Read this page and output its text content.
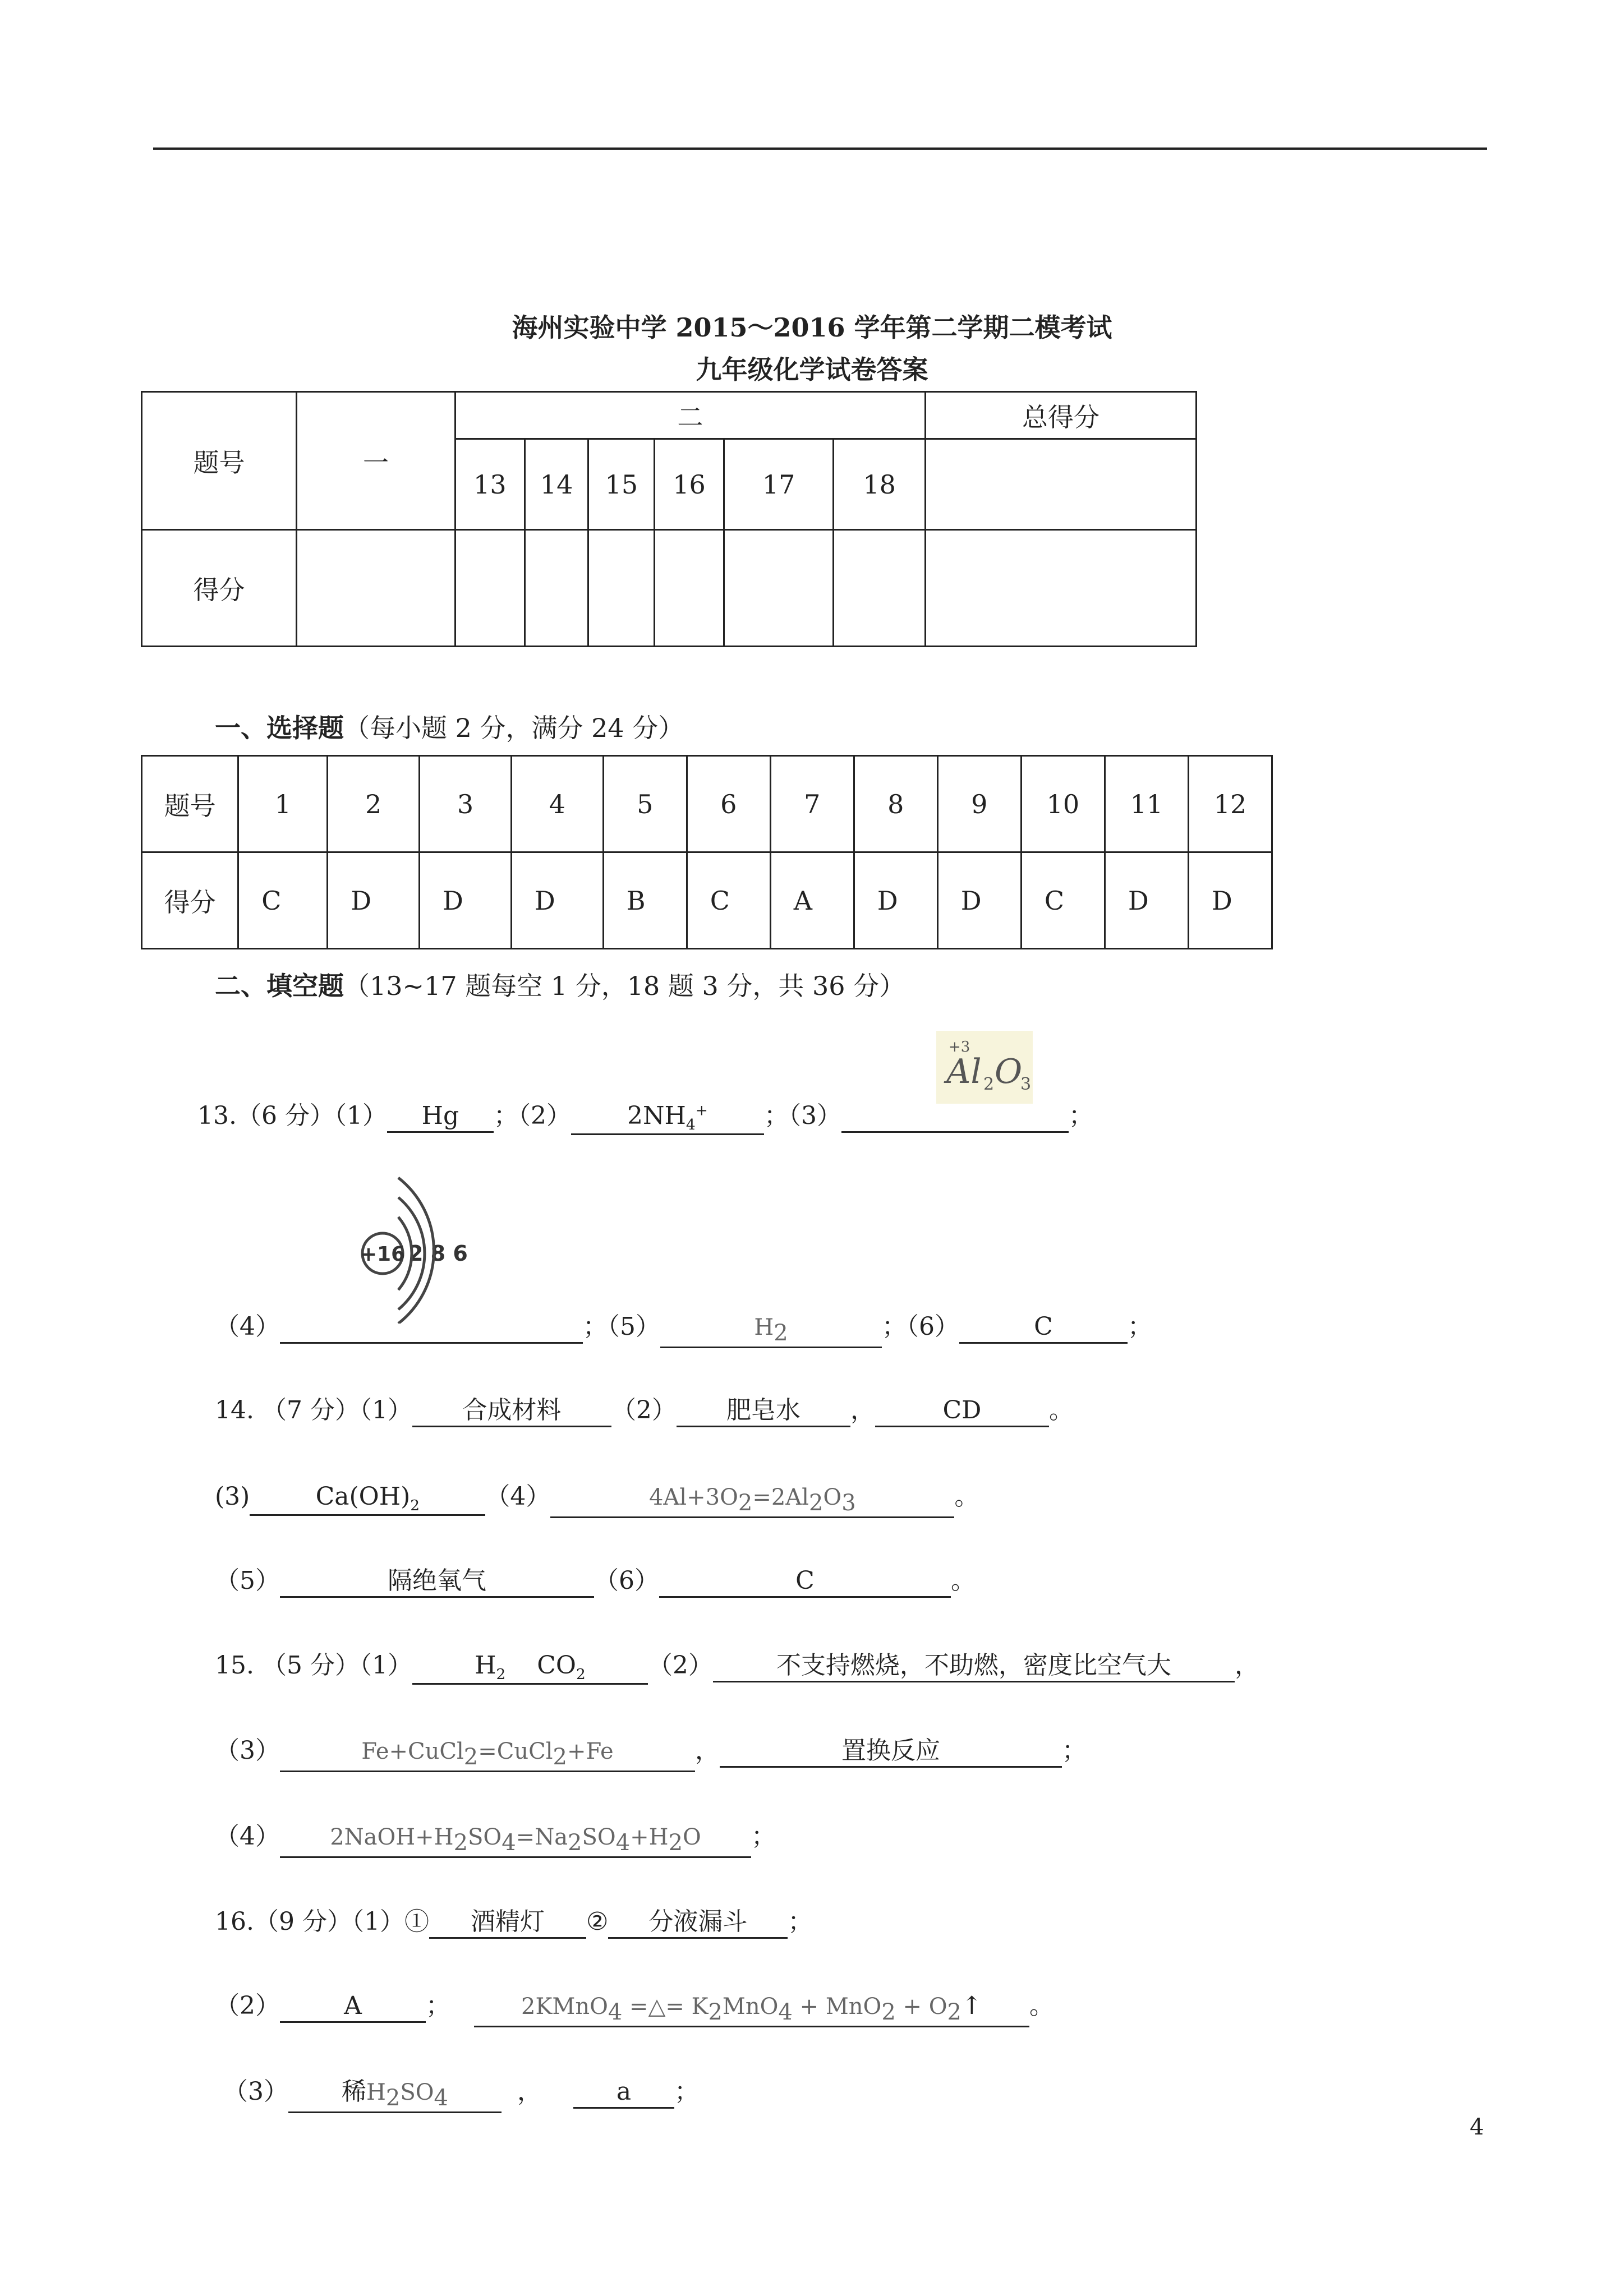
海州实验中学 2015～2016 学年第二学期二模考试
九年级化学试卷答案
题号	一	二						总得分
		13	14	15	16	17	18	
得分								
一、选择题（每小题 2 分，满分 24 分）
题号	1	2	3	4	5	6	7	8	9	10	11	12
得分	C	D	D	D	B	C	A	D	D	C	D	D
二、填空题（13~17 题每空 1 分，18 题 3 分，共 36 分）
13.（6 分）（1） Hg ；（2） $2NH_4^+$ ；（3）	；
+3
Al 2 O
3
+16 2 8 6
（4）	；（5）	$H_2$	；（6）	C	；
14. （7 分）（1） 合成材料 （2） 肥皂水 ，	CD	。
(3)	$Ca(OH)_2$	（4）	$4Al+3O_2=2Al_2O_3$	。
（5）	隔绝氧气	（6）	C	。
15. （5 分）（1）	$H_2$ $CO_2$	（2）	不支持燃烧，不助燃，密度比空气大	，
（3）	Fe+CuCl$_2$=CuCl$_2$+Fe	，	置换反应	；
（4） $2NaOH+H_2SO_4=Na_2SO_4+H_2O$ ；
16.（9 分）（1）① 酒精灯 ② 分液漏斗 ；
（2）	A	；	2KMnO$_4$ =△= $K_2MnO_4 + MnO_2$ + $O_2↑$ 。
（3） 稀$H_2SO_4$	，	a ；
4
